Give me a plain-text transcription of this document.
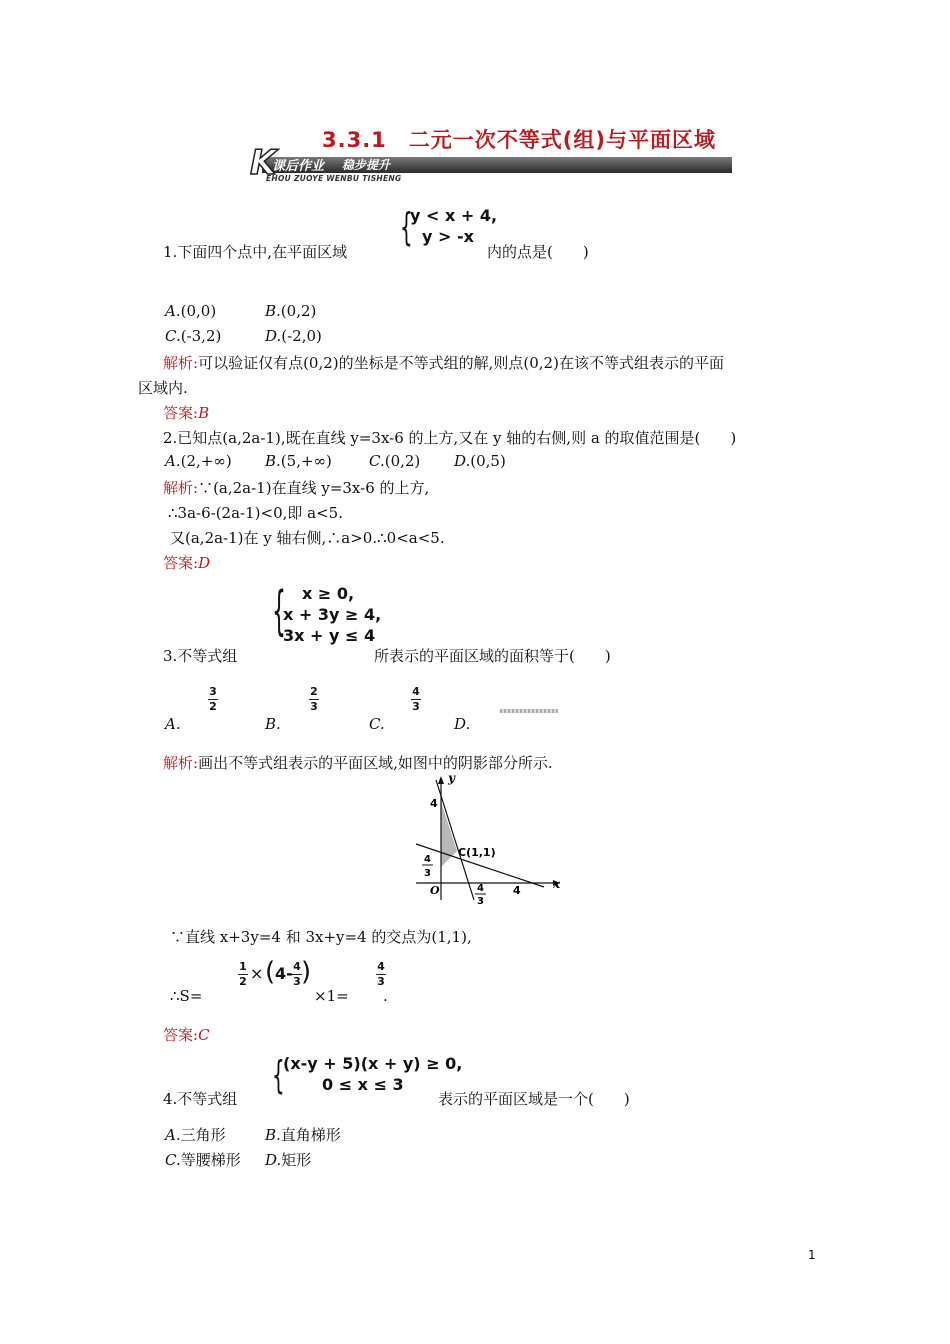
3.3.1　二元一次不等式(组)与平面区域
K
课后作业 稳步提升
EHOU ZUOYE WENBU TISHENG
1.下面四个点中,在平面区域
{
y < x + 4,
y > -x
内的点是(　　)
A.(0,0)	B.(0,2)
C.(-3,2)	D.(-2,0)
解析:可以验证仅有点(0,2)的坐标是不等式组的解,则点(0,2)在该不等式组表示的平面
区域内.
答案:B
2.已知点(a,2a-1),既在直线 y=3x-6 的上方,又在 y 轴的右侧,则 a 的取值范围是(　　)
A.(2,+∞) B.(5,+∞) C.(0,2) D.(0,5)
解析:∵(a,2a-1)在直线 y=3x-6 的上方,
∴3a-6-(2a-1)<0,即 a<5.
又(a,2a-1)在 y 轴右侧,∴a>0.∴0<a<5.
答案:D
3.不等式组
{ x ≥ 0,
x + 3y ≥ 4,
3x + y ≤ 4
所表示的平面区域的面积等于(　　)
A.
3
2
B.
2
3
C.
4
3
D.
解析:画出不等式组表示的平面区域,如图中的阴影部分所示.
y
x
O
4
4
4
3
4
3
C(1,1)
∵直线 x+3y=4 和 3x+y=4 的交点为(1,1),
∴S=
1
2 × ( 4- 4
3 )
×1=
4
3
.
答案:C
4.不等式组
{
(x-y + 5)(x + y) ≥ 0,
0 ≤ x ≤ 3
表示的平面区域是一个(　　)
A.三角形	B.直角梯形
C.等腰梯形 D.矩形
1
